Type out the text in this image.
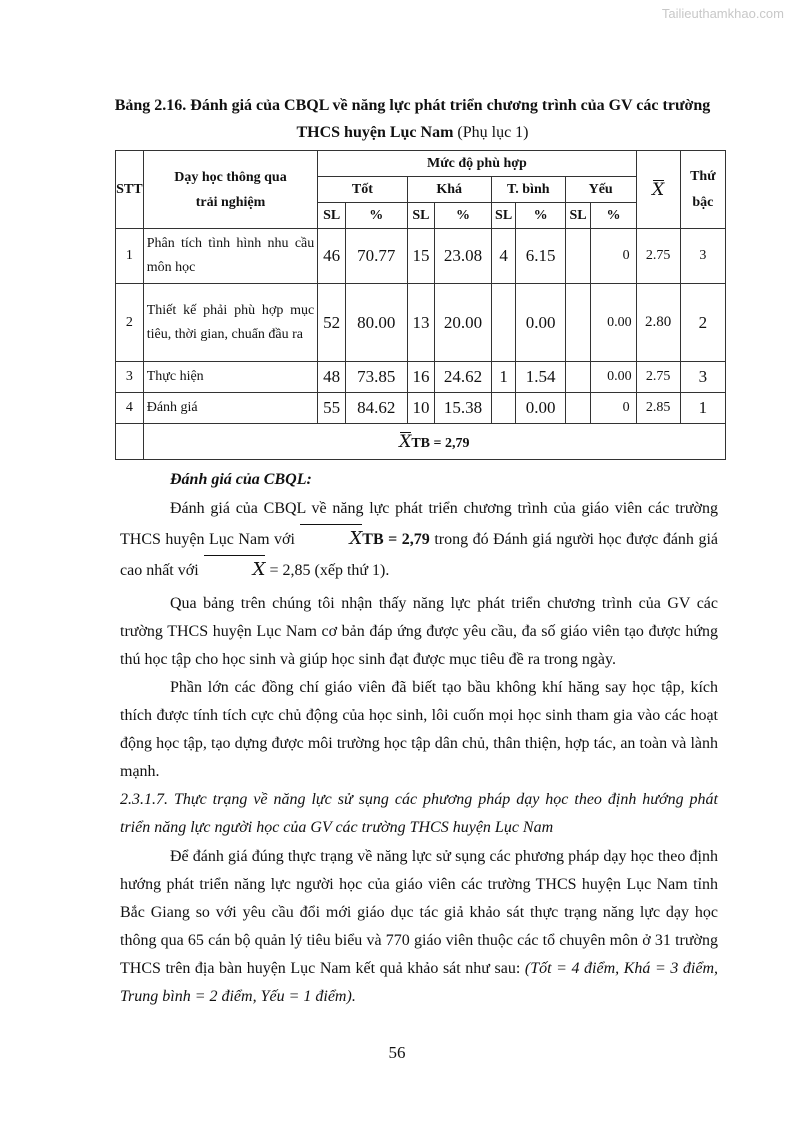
Tailieuthamkhao.com
Bảng 2.16. Đánh giá của CBQL về năng lực phát triển chương trình của GV các trường THCS huyện Lục Nam (Phụ lục 1)
STT	Dạy học thông qua trải nghiệm	Mức độ phù hợp								X	Thứ bậc

		Tốt		Khá		T. bình		Yếu			
		SL	%	SL	%	SL	%	SL	%		
1	Phân tích tình hình nhu cầu môn học	46	70.77	15	23.08	4	6.15		0	2.75	3
2	Thiết kế phải phù hợp mục tiêu, thời gian, chuẩn đầu ra	52	80.00	13	20.00		0.00		0.00	2.80	2
3	Thực hiện	48	73.85	16	24.62	1	1.54		0.00	2.75	3
4	Đánh giá	55	84.62	10	15.38		0.00		0	2.85	1
	XTB = 2,79										
Đánh giá của CBQL:
Đánh giá của CBQL về năng lực phát triển chương trình của giáo viên các trường THCS huyện Lục Nam với	XTB = 2,79 trong đó Đánh giá người học được đánh giá cao nhất với	X = 2,85 (xếp thứ 1).
Qua bảng trên chúng tôi nhận thấy năng lực phát triển chương trình của GV các trường THCS huyện Lục Nam cơ bản đáp ứng được yêu cầu, đa số giáo viên tạo được hứng thú học tập cho học sinh và giúp học sinh đạt được mục tiêu đề ra trong ngày.
Phần lớn các đồng chí giáo viên đã biết tạo bầu không khí hăng say học tập, kích thích được tính tích cực chủ động của học sinh, lôi cuốn mọi học sinh tham gia vào các hoạt động học tập, tạo dựng được môi trường học tập dân chủ, thân thiện, hợp tác, an toàn và lành mạnh.
2.3.1.7. Thực trạng về năng lực sử sụng các phương pháp dạy học theo định hướng phát triển năng lực người học của GV các trường THCS huyện Lục Nam
Để đánh giá đúng thực trạng về năng lực sử sụng các phương pháp dạy học theo định hướng phát triển năng lực người học của giáo viên các trường THCS huyện Lục Nam tỉnh Bắc Giang so với yêu cầu đổi mới giáo dục tác giả khảo sát thực trạng năng lực dạy học thông qua 65 cán bộ quản lý tiêu biểu và 770 giáo viên thuộc các tổ chuyên môn ở 31 trường THCS trên địa bàn huyện Lục Nam kết quả khảo sát như sau: (Tốt = 4 điểm, Khá = 3 điểm, Trung bình = 2 điểm, Yếu = 1 điểm).
56
